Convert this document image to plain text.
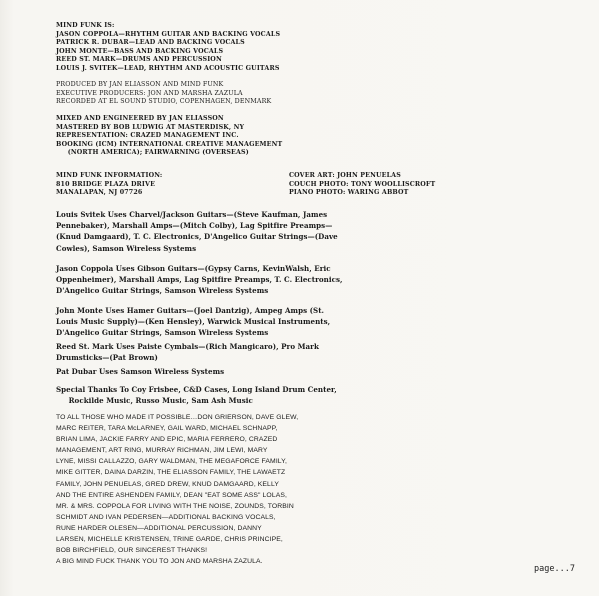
MIND FUNK IS:
JASON COPPOLA—RHYTHM GUITAR AND BACKING VOCALS
PATRICK R. DUBAR—LEAD AND BACKING VOCALS
JOHN MONTE—BASS AND BACKING VOCALS
REED ST. MARK—DRUMS AND PERCUSSION
LOUIS J. SVITEK—LEAD, RHYTHM AND ACOUSTIC GUITARS
PRODUCED BY JAN ELIASSON AND MIND FUNK
EXECUTIVE PRODUCERS: JON AND MARSHA ZAZULA
RECORDED AT EL SOUND STUDIO, COPENHAGEN, DENMARK
MIXED AND ENGINEERED BY JAN ELIASSON
MASTERED BY BOB LUDWIG AT MASTERDISK, NY
REPRESENTATION: CRAZED MANAGEMENT INC.
BOOKING (ICM) INTERNATIONAL CREATIVE MANAGEMENT
(NORTH AMERICA); FAIRWARNING (OVERSEAS)
MIND FUNK INFORMATION:
810 BRIDGE PLAZA DRIVE
MANALAPAN, NJ 07726
COVER ART: JOHN PENUELAS
COUCH PHOTO: TONY WOOLLISCROFT
PIANO PHOTO: WARING ABBOT
Louis Svitek Uses Charvel/Jackson Guitars—(Steve Kaufman, James
Pennebaker), Marshall Amps—(Mitch Colby), Lag Spitfire Preamps—
(Knud Damgaard), T. C. Electronics, D'Angelico Guitar Strings—(Dave
Cowles), Samson Wireless Systems
Jason Coppola Uses Gibson Guitars—(Gypsy Carns, KevinWalsh, Eric
Oppenheimer), Marshall Amps, Lag Spitfire Preamps, T. C. Electronics,
D'Angelico Guitar Strings, Samson Wireless Systems
John Monte Uses Hamer Guitars—(Joel Dantzig), Ampeg Amps (St.
Louis Music Supply)—(Ken Hensley), Warwick Musical Instruments,
D'Angelico Guitar Strings, Samson Wireless Systems
Reed St. Mark Uses Paiste Cymbals—(Rich Mangicaro), Pro Mark
Drumsticks—(Pat Brown)
Pat Dubar Uses Samson Wireless Systems
Special Thanks To Coy Frisbee, C&D Cases, Long Island Drum Center,
Rockilde Music, Russo Music, Sam Ash Music
TO ALL THOSE WHO MADE IT POSSIBLE…DON GRIERSON, DAVE GLEW,
MARC REITER, TARA McLARNEY, GAIL WARD, MICHAEL SCHNAPP,
BRIAN LIMA, JACKIE FARRY AND EPIC, MARIA FERRERO, CRAZED
MANAGEMENT, ART RING, MURRAY RICHMAN, JIM LEWI, MARY
LYNE, MISSI CALLAZZO, GARY WALDMAN, THE MEGAFORCE FAMILY,
MIKE GITTER, DAINA DARZIN, THE ELIASSON FAMILY, THE LAWAETZ
FAMILY, JOHN PENUELAS, GRED DREW, KNUD DAMGAARD, KELLY
AND THE ENTIRE ASHENDEN FAMILY, DEAN "EAT SOME ASS" LOLAS,
MR. & MRS. COPPOLA FOR LIVING WITH THE NOISE, ZOUNDS, TORBIN
SCHMIDT AND IVAN PEDERSEN—ADDITIONAL BACKING VOCALS,
RUNE HARDER OLESEN—ADDITIONAL PERCUSSION, DANNY
LARSEN, MICHELLE KRISTENSEN, TRINE GARDE, CHRIS PRINCIPE,
BOB BIRCHFIELD, OUR SINCEREST THANKS!
A BIG MIND FUCK THANK YOU TO JON AND MARSHA ZAZULA.
page...7
